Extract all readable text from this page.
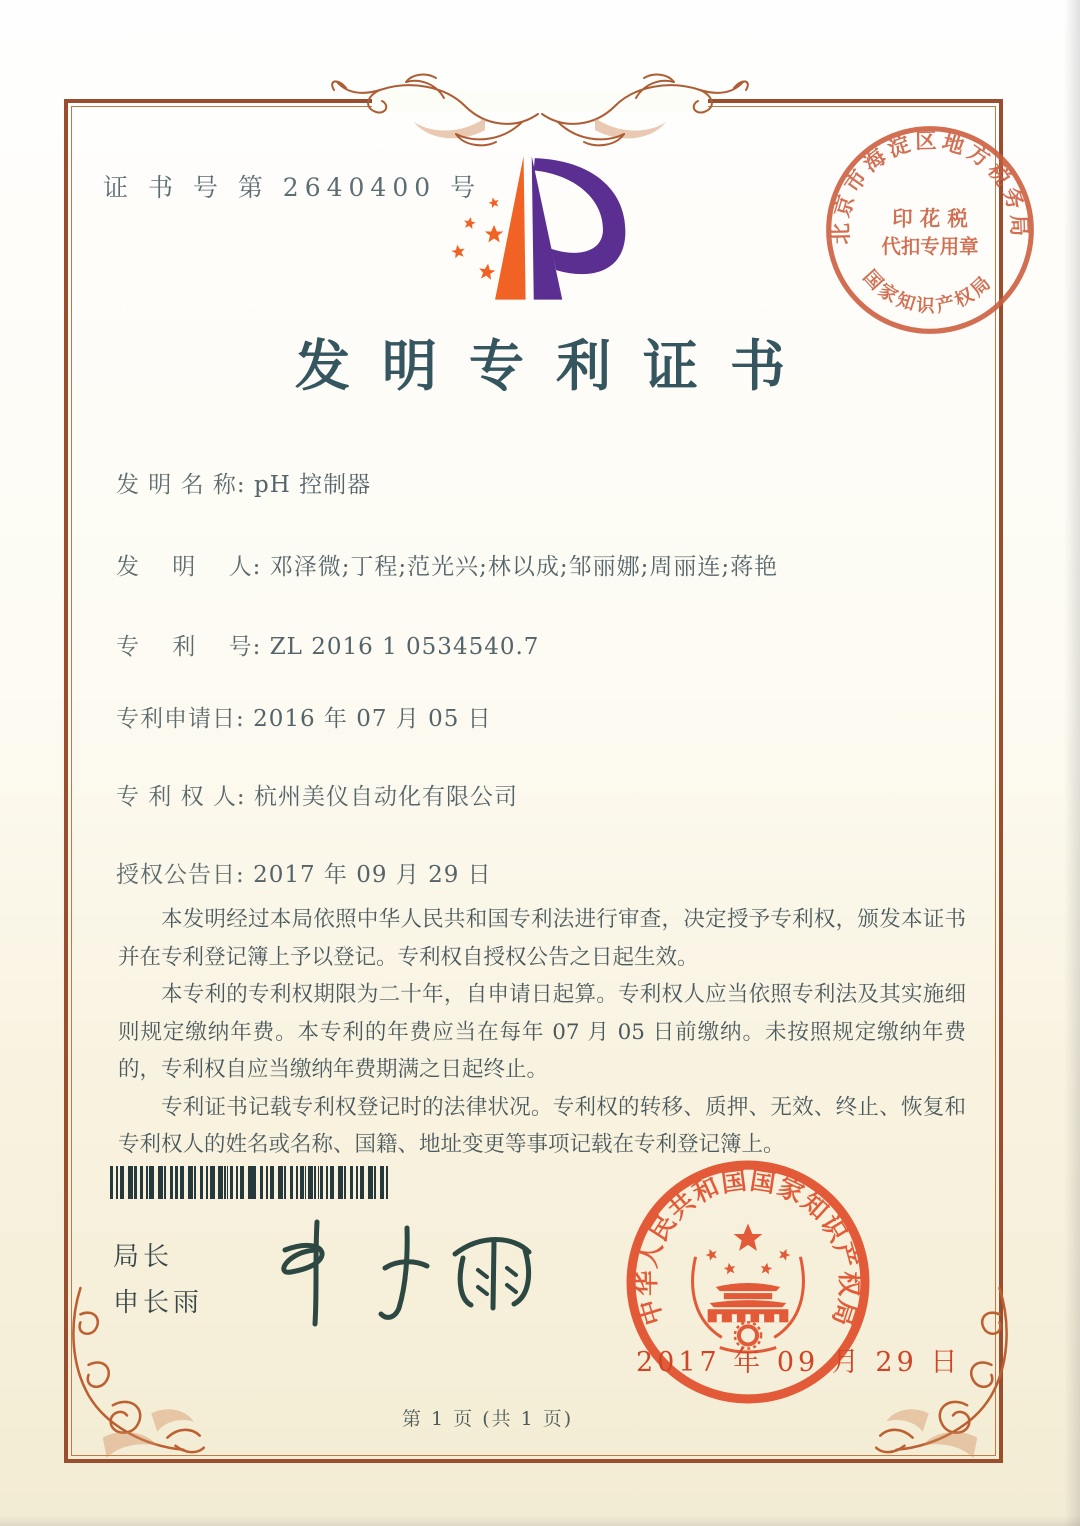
证 书 号 第 2640400 号
北京市海淀区地方税务局
国家知识产权局
印 花 税
代扣专用章
发明专利证书
发 明 名 称: pH 控制器
发　 明　 人: 邓泽微;丁程;范光兴;林以成;邹丽娜;周丽连;蒋艳
专　 利　 号: ZL 2016 1 0534540.7
专利申请日: 2016 年 07 月 05 日
专 利 权 人: 杭州美仪自动化有限公司
授权公告日: 2017 年 09 月 29 日

本发明经过本局依照中华人民共和国专利法进行审查，决定授予专利权，颁发本证书并在专利登记簿上予以登记。专利权自授权公告之日起生效。

本专利的专利权期限为二十年，自申请日起算。专利权人应当依照专利法及其实施细则规定缴纳年费。本专利的年费应当在每年 07 月 05 日前缴纳。未按照规定缴纳年费的，专利权自应当缴纳年费期满之日起终止。

专利证书记载专利权登记时的法律状况。专利权的转移、质押、无效、终止、恢复和专利权人的姓名或名称、国籍、地址变更等事项记载在专利登记簿上。

局长
申长雨	中华人民共和国国家知识产权局
2017 年 09 月 29 日
第 1 页 (共 1 页)
